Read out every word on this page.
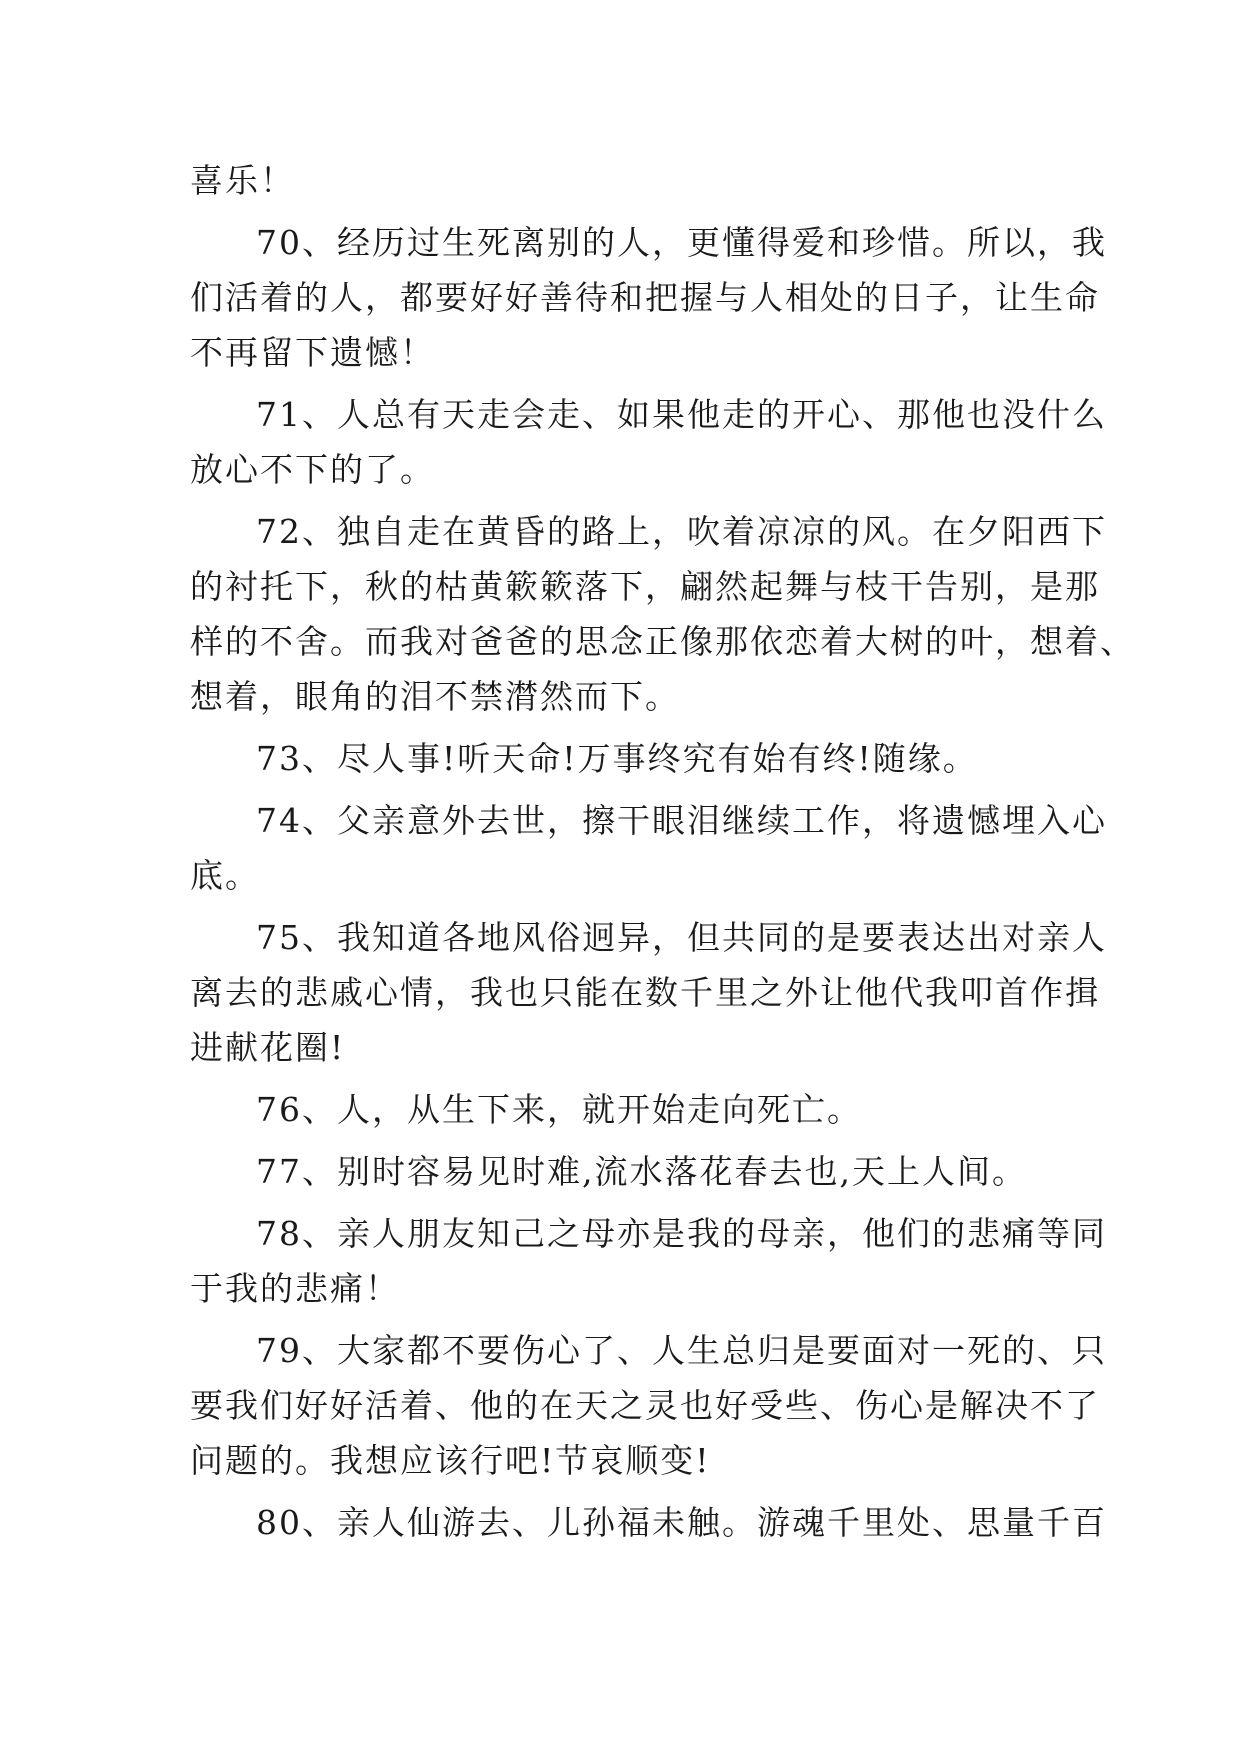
喜乐！
70、经历过生死离别的人，更懂得爱和珍惜。所以，我
们活着的人，都要好好善待和把握与人相处的日子，让生命
不再留下遗憾！
71、人总有天走会走、如果他走的开心、那他也没什么
放心不下的了。
72、独自走在黄昏的路上，吹着凉凉的风。在夕阳西下
的衬托下，秋的枯黄簌簌落下，翩然起舞与枝干告别，是那
样的不舍。而我对爸爸的思念正像那依恋着大树的叶，想着、
想着，眼角的泪不禁潸然而下。
73、尽人事!听天命!万事终究有始有终!随缘。
74、父亲意外去世，擦干眼泪继续工作，将遗憾埋入心
底。
75、我知道各地风俗迥异，但共同的是要表达出对亲人
离去的悲戚心情，我也只能在数千里之外让他代我叩首作揖
进献花圈!
76、人，从生下来，就开始走向死亡。
77、别时容易见时难,流水落花春去也,天上人间。
78、亲人朋友知己之母亦是我的母亲，他们的悲痛等同
于我的悲痛！
79、大家都不要伤心了、人生总归是要面对一死的、只
要我们好好活着、他的在天之灵也好受些、伤心是解决不了
问题的。我想应该行吧!节哀顺变!
80、亲人仙游去、儿孙福未触。游魂千里处、思量千百
